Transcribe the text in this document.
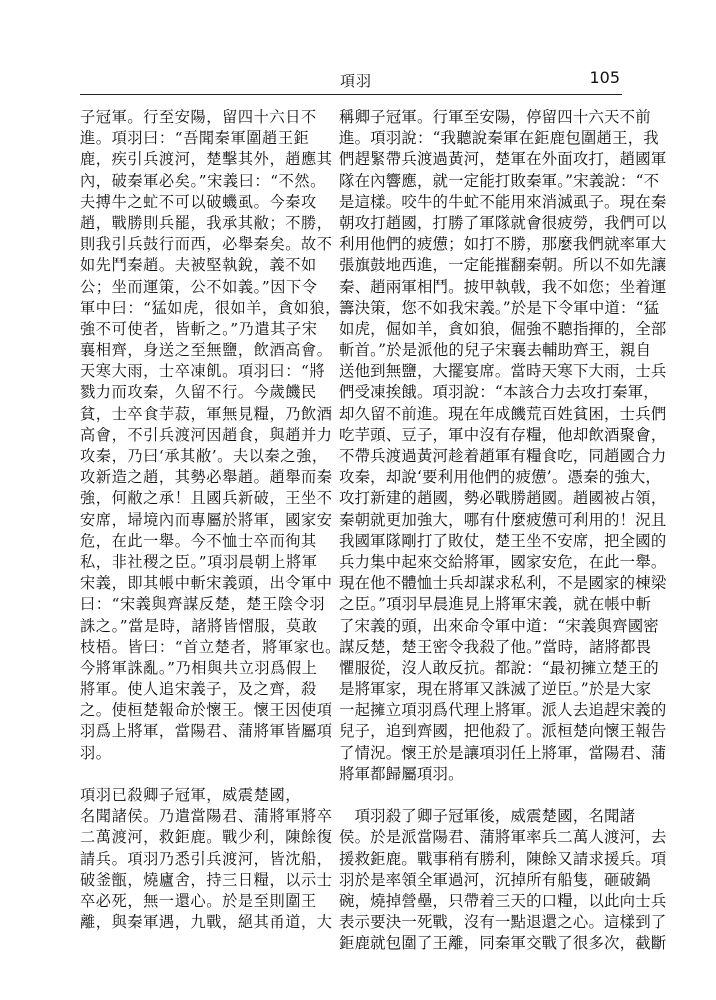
項羽	105
子冠軍。行至安陽，留四十六日不
進。項羽曰：“吾聞秦軍圍趙王鉅
鹿，疾引兵渡河，楚擊其外，趙應其
內，破秦軍必矣。”宋義曰：“不然。
夫搏牛之虻不可以破蟣虱。今秦攻
趙，戰勝則兵罷，我承其敝；不勝，
則我引兵鼓行而西，必舉秦矣。故不
如先鬥秦趙。夫被堅執銳，義不如
公；坐而運策，公不如義。”因下令
軍中曰：“猛如虎，很如羊，貪如狼，
強不可使者，皆斬之。”乃遣其子宋
襄相齊，身送之至無鹽，飲酒高會。
天寒大雨，士卒凍飢。項羽曰：“將
戮力而攻秦，久留不行。今歲饑民
貧，士卒食芋菽，軍無見糧，乃飲酒
高會，不引兵渡河因趙食，與趙并力
攻秦，乃曰‘承其敝’。夫以秦之強，
攻新造之趙，其勢必舉趙。趙舉而秦
強，何敝之承！且國兵新破，王坐不
安席，埽境內而專屬於將軍，國家安
危，在此一舉。今不恤士卒而徇其
私，非社稷之臣。”項羽晨朝上將軍
宋義，即其帳中斬宋義頭，出令軍中
曰：“宋義與齊謀反楚，楚王陰令羽
誅之。”當是時，諸將皆慴服，莫敢
枝梧。皆曰：“首立楚者，將軍家也。
今將軍誅亂。”乃相與共立羽爲假上
將軍。使人追宋義子，及之齊，殺
之。使桓楚報命於懷王。懷王因使項
羽爲上將軍，當陽君、蒲將軍皆屬項
羽。
項羽已殺卿子冠軍，威震楚國，
名聞諸侯。乃遣當陽君、蒲將軍將卒
二萬渡河，救鉅鹿。戰少利，陳餘復
請兵。項羽乃悉引兵渡河，皆沈船，
破釜甑，燒廬舍，持三日糧，以示士
卒必死，無一還心。於是至則圍王
離，與秦軍遇，九戰，絕其甬道，大
稱卿子冠軍。行軍至安陽，停留四十六天不前
進。項羽說：“我聽說秦軍在鉅鹿包圍趙王，我
們趕緊帶兵渡過黃河，楚軍在外面攻打，趙國軍
隊在內響應，就一定能打敗秦軍。”宋義說：“不
是這樣。咬牛的牛虻不能用來消滅虱子。現在秦
朝攻打趙國，打勝了軍隊就會很疲勞，我們可以
利用他們的疲憊；如打不勝，那麼我們就率軍大
張旗鼓地西進，一定能摧翻秦朝。所以不如先讓
秦、趙兩軍相鬥。披甲執戟，我不如您；坐着運
籌決策，您不如我宋義。”於是下令軍中道：“猛
如虎，倔如羊，貪如狼，倔強不聽指揮的，全部
斬首。”於是派他的兒子宋襄去輔助齊王，親自
送他到無鹽，大擺宴席。當時天寒下大雨，士兵
們受凍挨餓。項羽說：“本該合力去攻打秦軍，
却久留不前進。現在年成饑荒百姓貧困，士兵們
吃芋頭、豆子，軍中沒有存糧，他却飲酒聚會，
不帶兵渡過黃河趁着趙軍有糧食吃，同趙國合力
攻秦，却說‘要利用他們的疲憊’。憑秦的強大，
攻打新建的趙國，勢必戰勝趙國。趙國被占領，
秦朝就更加強大，哪有什麼疲憊可利用的！況且
我國軍隊剛打了敗仗，楚王坐不安席，把全國的
兵力集中起來交給將軍，國家安危，在此一舉。
現在他不體恤士兵却謀求私利，不是國家的棟梁
之臣。”項羽早晨進見上將軍宋義，就在帳中斬
了宋義的頭，出來命令軍中道：“宋義與齊國密
謀反楚，楚王密令我殺了他。”當時，諸將都畏
懼服從，沒人敢反抗。都說：“最初擁立楚王的
是將軍家，現在將軍又誅滅了逆臣。”於是大家
一起擁立項羽爲代理上將軍。派人去追趕宋義的
兒子，追到齊國，把他殺了。派桓楚向懷王報告
了情況。懷王於是讓項羽任上將軍，當陽君、蒲
將軍都歸屬項羽。
　項羽殺了卿子冠軍後，威震楚國，名聞諸
侯。於是派當陽君、蒲將軍率兵二萬人渡河，去
援救鉅鹿。戰事稍有勝利，陳餘又請求援兵。項
羽於是率領全軍過河，沉掉所有船隻，砸破鍋
碗，燒掉營壘，只帶着三天的口糧，以此向士兵
表示要決一死戰，沒有一點退還之心。這樣到了
鉅鹿就包圍了王離，同秦軍交戰了很多次，截斷
